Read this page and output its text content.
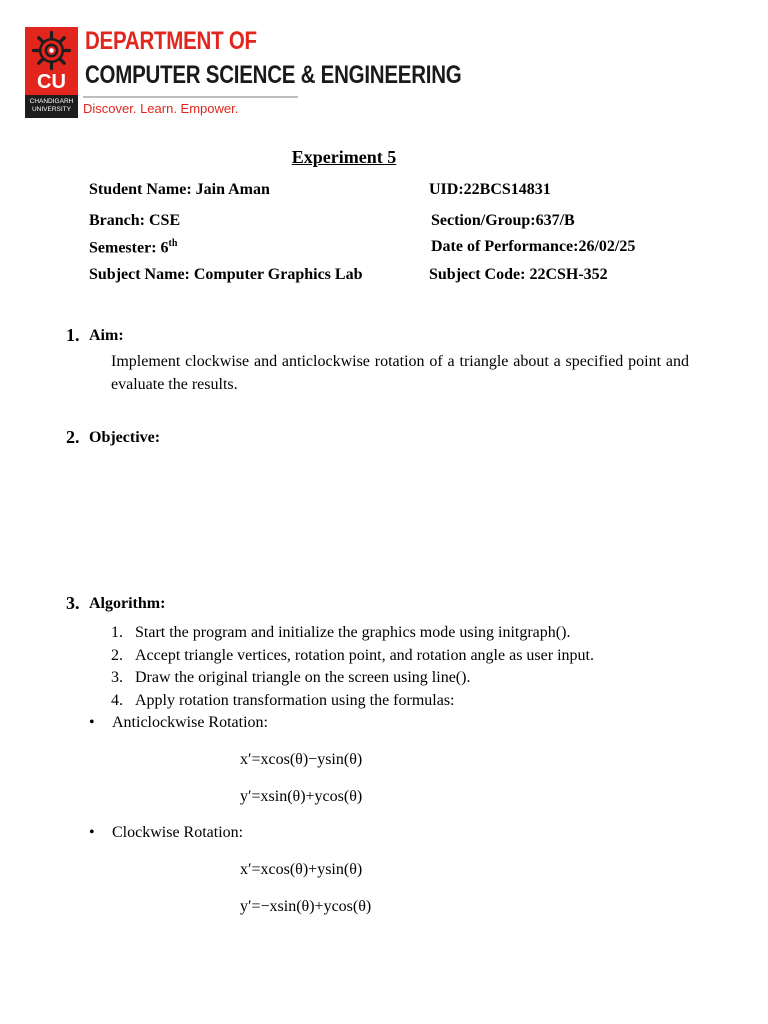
CU
CHANDIGARH
UNIVERSITY
DEPARTMENT OF
COMPUTER SCIENCE & ENGINEERING
Discover. Learn. Empower.
Experiment 5
Student Name: Jain Aman	UID:22BCS14831
Branch: CSE	Section/Group:637/B
Semester: 6th	Date of Performance:26/02/25
Subject Name: Computer Graphics Lab	Subject Code: 22CSH-352
1. Aim:
Implement clockwise and anticlockwise rotation of a triangle about a specified point and evaluate the results.
2. Objective:
3. Algorithm:
1. Start the program and initialize the graphics mode using initgraph().
2. Accept triangle vertices, rotation point, and rotation angle as user input.
3. Draw the original triangle on the screen using line().
4. Apply rotation transformation using the formulas:
• Anticlockwise Rotation:
x′=xcos(θ)−ysin(θ)
y′=xsin(θ)+ycos(θ)
• Clockwise Rotation:
x′=xcos(θ)+ysin(θ)
y′=−xsin(θ)+ycos(θ)
